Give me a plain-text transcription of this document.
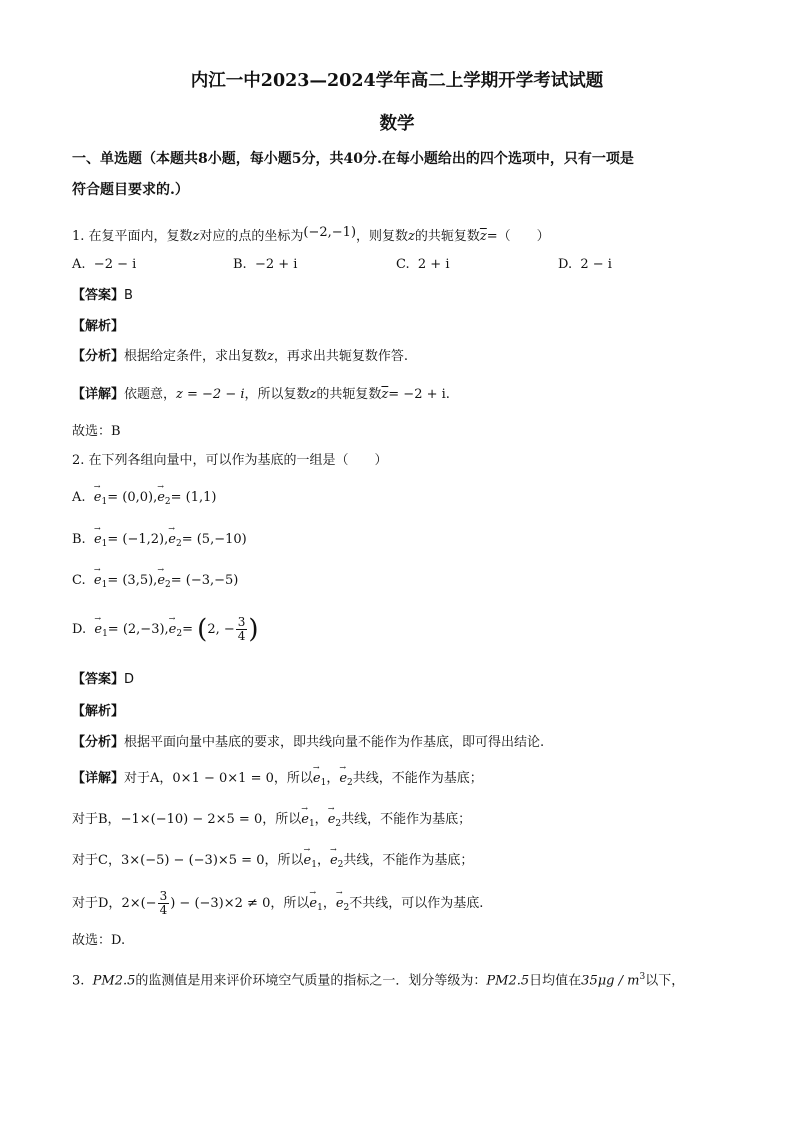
内江一中2023—2024学年高二上学期开学考试试题
数学
一、单选题（本题共8小题，每小题5分，共40分.在每小题给出的四个选项中，只有一项是
符合题目要求的.）
1. 在复平面内，复数z对应的点的坐标为(−2,−1)，则复数z的共轭复数$\overline{z}=$（　　）
A. −2 − i	B. −2 + i	C. 2 + i	D. 2 − i
【答案】B
【解析】
【分析】根据给定条件，求出复数z，再求出共轭复数作答.
【详解】依题意，z = −2 − i，所以复数z的共轭复数$\overline{z}= -2 + i$.
故选：B
2. 在下列各组向量中，可以作为基底的一组是（　　）
A. → $e_1= (0,0),\to e_2= (1,1)$
B. → $e_1= (-1,2),\to e_2= (5,-10)$
C. → $e_1= (3,5),\to e_2= (-3,-5)$
D. → $e_1= (2,-3),\to e_2= (2$, − $\frac{3}{4}$ )
【答案】D
【解析】
【分析】根据平面向量中基底的要求，即共线向量不能作为作基底，即可得出结论.
【详解】对于A，0×1 − 0×1 = 0，所以→ $e_1$，→ $e_2$共线，不能作为基底；
对于B，−1×(−10) − 2×5 = 0，所以→ $e_1$，→ $e_2$共线，不能作为基底；
对于C，3×(−5) − (−3)×5 = 0，所以→ $e_1$，→ $e_2$共线，不能作为基底；
对于D，$2\times(- \frac{3}{4}$ ) − (−3)×2 ≠ 0，所以→ $e_1$，→ $e_2$不共线，可以作为基底.
故选：D.
3. PM2.5的监测值是用来评价环境空气质量的指标之一．划分等级为：PM2.5日均值在$35\mu g / m^3$以下，
